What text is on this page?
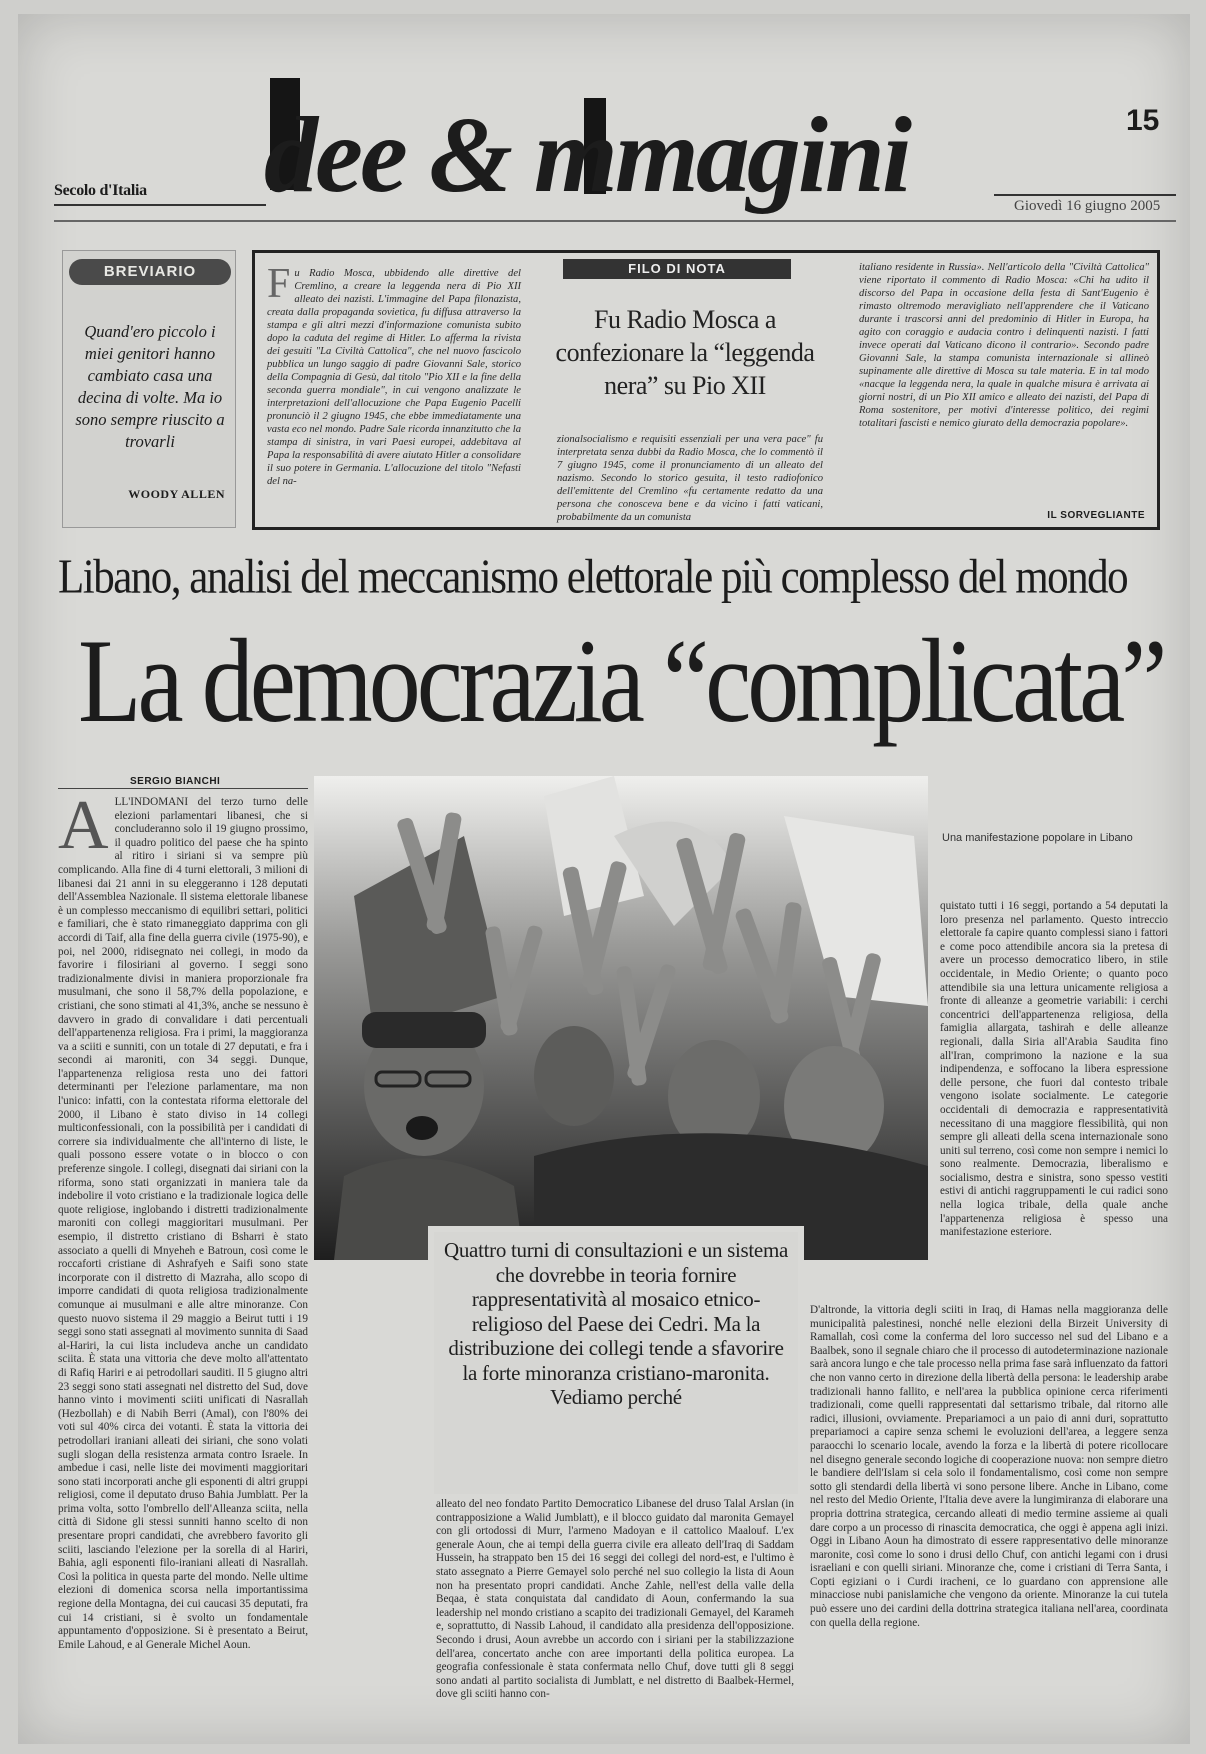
Secolo d'Italia dee & mmagini	15
Giovedì 16 giugno 2005
BREVIARIO
Quand'ero piccolo i miei genitori hanno cambiato casa una decina di volte. Ma io sono sempre riuscito a trovarli
WOODY ALLEN
Fu Radio Mosca, ubbidendo alle direttive del Cremlino, a creare la leggenda nera di Pio XII alleato dei nazisti. L'immagine del Papa filonazista, creata dalla propaganda sovietica, fu diffusa attraverso la stampa e gli altri mezzi d'informazione comunista subito dopo la caduta del regime di Hitler. Lo afferma la rivista dei gesuiti "La Civiltà Cattolica", che nel nuovo fascicolo pubblica un lungo saggio di padre Giovanni Sale, storico della Compagnia di Gesù, dal titolo "Pio XII e la fine della seconda guerra mondiale", in cui vengono analizzate le interpretazioni dell'allocuzione che Papa Eugenio Pacelli pronunciò il 2 giugno 1945, che ebbe immediatamente una vasta eco nel mondo. Padre Sale ricorda innanzitutto che la stampa di sinistra, in vari Paesi europei, addebitava al Papa la responsabilità di avere aiutato Hitler a consolidare il suo potere in Germania. L'allocuzione del titolo "Nefasti del na-
FILO DI NOTA
Fu Radio Mosca a confezionare la “leggenda nera” su Pio XII
zionalsocialismo e requisiti essenziali per una vera pace" fu interpretata senza dubbi da Radio Mosca, che lo commentò il 7 giugno 1945, come il pronunciamento di un alleato del nazismo. Secondo lo storico gesuita, il testo radiofonico dell'emittente del Cremlino «fu certamente redatto da una persona che conosceva bene e da vicino i fatti vaticani, probabilmente da un comunista
italiano residente in Russia». Nell'articolo della "Civiltà Cattolica" viene riportato il commento di Radio Mosca: «Chi ha udito il discorso del Papa in occasione della festa di Sant'Eugenio è rimasto oltremodo meravigliato nell'apprendere che il Vaticano durante i trascorsi anni del predominio di Hitler in Europa, ha agito con coraggio e audacia contro i delinquenti nazisti. I fatti invece operati dal Vaticano dicono il contrario». Secondo padre Giovanni Sale, la stampa comunista internazionale si allineò supinamente alle direttive di Mosca su tale materia. E in tal modo «nacque la leggenda nera, la quale in qualche misura è arrivata ai giorni nostri, di un Pio XII amico e alleato dei nazisti, del Papa di Roma sostenitore, per motivi d'interesse politico, dei regimi totalitari fascisti e nemico giurato della democrazia popolare».
IL SORVEGLIANTE
Libano, analisi del meccanismo elettorale più complesso del mondo
La democrazia “complicata”
SERGIO BIANCHI
ALL'INDOMANI del terzo turno delle elezioni parlamentari libanesi, che si concluderanno solo il 19 giugno prossimo, il quadro politico del paese che ha spinto al ritiro i siriani si va sempre più complicando. Alla fine di 4 turni elettorali, 3 milioni di libanesi dai 21 anni in su eleggeranno i 128 deputati dell'Assemblea Nazionale. Il sistema elettorale libanese è un complesso meccanismo di equilibri settari, politici e familiari, che è stato rimaneggiato dapprima con gli accordi di Taif, alla fine della guerra civile (1975-90), e poi, nel 2000, ridisegnato nei collegi, in modo da favorire i filosiriani al governo. I seggi sono tradizionalmente divisi in maniera proporzionale fra musulmani, che sono il 58,7% della popolazione, e cristiani, che sono stimati al 41,3%, anche se nessuno è davvero in grado di convalidare i dati percentuali dell'appartenenza religiosa. Fra i primi, la maggioranza va a sciiti e sunniti, con un totale di 27 deputati, e fra i secondi ai maroniti, con 34 seggi. Dunque, l'appartenenza religiosa resta uno dei fattori determinanti per l'elezione parlamentare, ma non l'unico: infatti, con la contestata riforma elettorale del 2000, il Libano è stato diviso in 14 collegi multiconfessionali, con la possibilità per i candidati di correre sia individualmente che all'interno di liste, le quali possono essere votate o in blocco o con preferenze singole. I collegi, disegnati dai siriani con la riforma, sono stati organizzati in maniera tale da indebolire il voto cristiano e la tradizionale logica delle quote religiose, inglobando i distretti tradizionalmente maroniti con collegi maggioritari musulmani. Per esempio, il distretto cristiano di Bsharri è stato associato a quelli di Mnyeheh e Batroun, così come le roccaforti cristiane di Ashrafyeh e Saifi sono state incorporate con il distretto di Mazraha, allo scopo di imporre candidati di quota religiosa tradizionalmente comunque ai musulmani e alle altre minoranze. Con questo nuovo sistema il 29 maggio a Beirut tutti i 19 seggi sono stati assegnati al movimento sunnita di Saad al-Hariri, la cui lista includeva anche un candidato sciita. È stata una vittoria che deve molto all'attentato di Rafiq Hariri e ai petrodollari sauditi. Il 5 giugno altri 23 seggi sono stati assegnati nel distretto del Sud, dove hanno vinto i movimenti sciiti unificati di Nasrallah (Hezbollah) e di Nabih Berri (Amal), con l'80% dei voti sul 40% circa dei votanti. È stata la vittoria dei petrodollari iraniani alleati dei siriani, che sono volati sugli slogan della resistenza armata contro Israele. In ambedue i casi, nelle liste dei movimenti maggioritari sono stati incorporati anche gli esponenti di altri gruppi religiosi, come il deputato druso Bahia Jumblatt. Per la prima volta, sotto l'ombrello dell'Alleanza sciita, nella città di Sidone gli stessi sunniti hanno scelto di non presentare propri candidati, che avrebbero favorito gli sciiti, lasciando l'elezione per la sorella di al Hariri, Bahia, agli esponenti filo-iraniani alleati di Nasrallah. Così la politica in questa parte del mondo. Nelle ultime elezioni di domenica scorsa nella importantissima regione della Montagna, dei cui caucasi 35 deputati, fra cui 14 cristiani, si è svolto un fondamentale appuntamento d'opposizione. Si è presentato a Beirut, Emile Lahoud, e al Generale Michel Aoun.
Una manifestazione popolare in Libano
quistato tutti i 16 seggi, portando a 54 deputati la loro presenza nel parlamento. Questo intreccio elettorale fa capire quanto complessi siano i fattori e come poco attendibile ancora sia la pretesa di avere un processo democratico libero, in stile occidentale, in Medio Oriente; o quanto poco attendibile sia una lettura unicamente religiosa a fronte di alleanze a geometrie variabili: i cerchi concentrici dell'appartenenza religiosa, della famiglia allargata, tashirah e delle alleanze regionali, dalla Siria all'Arabia Saudita fino all'Iran, comprimono la nazione e la sua indipendenza, e soffocano la libera espressione delle persone, che fuori dal contesto tribale vengono isolate socialmente. Le categorie occidentali di democrazia e rappresentatività necessitano di una maggiore flessibilità, qui non sempre gli alleati della scena internazionale sono uniti sul terreno, così come non sempre i nemici lo sono realmente. Democrazia, liberalismo e socialismo, destra e sinistra, sono spesso vestiti estivi di antichi raggruppamenti le cui radici sono nella logica tribale, della quale anche l'appartenenza religiosa è spesso una manifestazione esteriore.

Quattro turni di consultazioni e un sistema che dovrebbe in teoria fornire rappresentatività al mosaico etnico-religioso del Paese dei Cedri. Ma la distribuzione dei collegi tende a sfavorire la forte minoranza cristiano-maronita. Vediamo perché

alleato del neo fondato Partito Democratico Libanese del druso Talal Arslan (in contrapposizione a Walid Jumblatt), e il blocco guidato dal maronita Gemayel con gli ortodossi di Murr, l'armeno Madoyan e il cattolico Maalouf. L'ex generale Aoun, che ai tempi della guerra civile era alleato dell'Iraq di Saddam Hussein, ha strappato ben 15 dei 16 seggi dei collegi del nord-est, e l'ultimo è stato assegnato a Pierre Gemayel solo perché nel suo collegio la lista di Aoun non ha presentato propri candidati. Anche Zahle, nell'est della valle della Beqaa, è stata conquistata dal candidato di Aoun, confermando la sua leadership nel mondo cristiano a scapito dei tradizionali Gemayel, del Karameh e, soprattutto, di Nassib Lahoud, il candidato alla presidenza dell'opposizione. Secondo i drusi, Aoun avrebbe un accordo con i siriani per la stabilizzazione dell'area, concertato anche con aree importanti della politica europea. La geografia confessionale è stata confermata nello Chuf, dove tutti gli 8 seggi sono andati al partito socialista di Jumblatt, e nel distretto di Baalbek-Hermel, dove gli sciiti hanno con-
D'altronde, la vittoria degli sciiti in Iraq, di Hamas nella maggioranza delle municipalità palestinesi, nonché nelle elezioni della Birzeit University di Ramallah, così come la conferma del loro successo nel sud del Libano e a Baalbek, sono il segnale chiaro che il processo di autodeterminazione nazionale sarà ancora lungo e che tale processo nella prima fase sarà influenzato da fattori che non vanno certo in direzione della libertà della persona: le leadership arabe tradizionali hanno fallito, e nell'area la pubblica opinione cerca riferimenti tradizionali, come quelli rappresentati dal settarismo tribale, dal ritorno alle radici, illusioni, ovviamente. Prepariamoci a un paio di anni duri, soprattutto prepariamoci a capire senza schemi le evoluzioni dell'area, a leggere senza paraocchi lo scenario locale, avendo la forza e la libertà di potere ricollocare nel disegno generale secondo logiche di cooperazione nuova: non sempre dietro le bandiere dell'Islam si cela solo il fondamentalismo, così come non sempre sotto gli stendardi della libertà vi sono persone libere. Anche in Libano, come nel resto del Medio Oriente, l'Italia deve avere la lungimiranza di elaborare una propria dottrina strategica, cercando alleati di medio termine assieme ai quali dare corpo a un processo di rinascita democratica, che oggi è appena agli inizi. Oggi in Libano Aoun ha dimostrato di essere rappresentativo delle minoranze maronite, così come lo sono i drusi dello Chuf, con antichi legami con i drusi israeliani e con quelli siriani. Minoranze che, come i cristiani di Terra Santa, i Copti egiziani o i Curdi iracheni, ce lo guardano con apprensione alle minacciose nubi panislamiche che vengono da oriente. Minoranze la cui tutela può essere uno dei cardini della dottrina strategica italiana nell'area, coordinata con quella della regione.
